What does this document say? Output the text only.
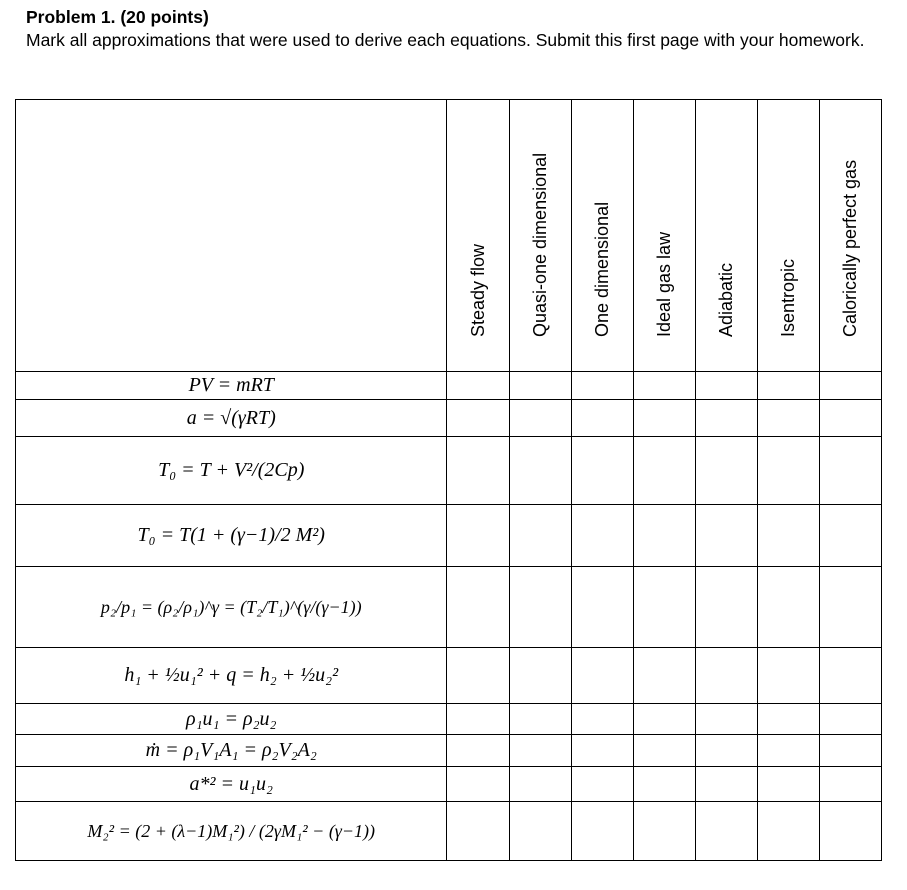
Problem 1. (20 points)

Mark all approximations that were used to derive each equations. Submit this first page with your homework.

	Steady flow	Quasi-one dimensional	One dimensional	Ideal gas law	Adiabatic	Isentropic	Calorically perfect gas

PV = mRT							
a = √(γRT)							
T₀ = T + V²/(2Cp)							
T₀ = T(1 + (γ−1)/2 M²)							
p₂/p₁ = (ρ₂/ρ₁)^γ = (T₂/T₁)^(γ/(γ−1))							
h₁ + ½u₁² + q = h₂ + ½u₂²							
ρ₁u₁ = ρ₂u₂							
ṁ = ρ₁V₁A₁ = ρ₂V₂A₂							
a*² = u₁u₂							
M₂² = (2 + (λ−1)M₁²) / (2γM₁² − (γ−1))							
